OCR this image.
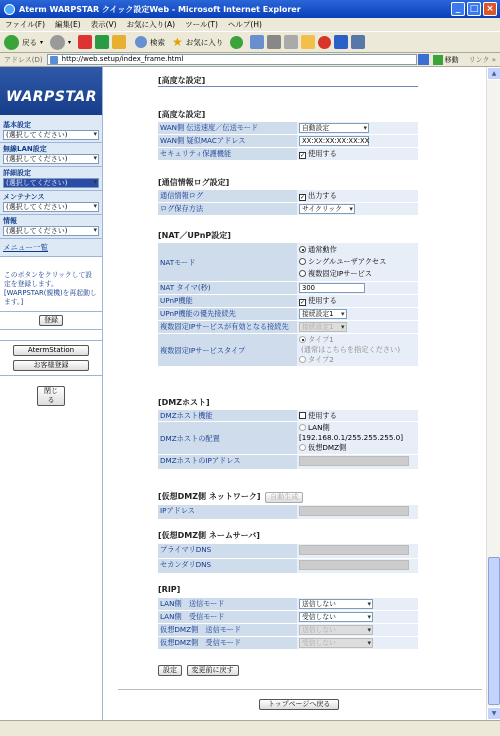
Aterm WARPSTAR クイック設定Web - Microsoft Internet Explorer	_	□ ×
ファイル(F) 編集(E) 表示(V) お気に入り(A) ツール(T) ヘルプ(H)
戻る ▾	▾	検索 ★ お気に入り
アドレス(D)	http://web.setup/index_frame.html	移動 リンク »
WARPSTAR
基本設定
(選択してください) ▾
無線LAN設定
(選択してください) ▾
詳細設定
(選択してください) ▾
メンテナンス
(選択してください) ▾
情報
(選択してください) ▾
メニュー一覧
このボタンをクリックして設定を登録します。[WARPSTAR(親機)を再起動します。]
登録
AtermStation
お客様登録
閉じる
[高度な設定]
[高度な設定]
WAN側 伝送速度／伝送モード	自動設定 ▾
WAN側 疑似MACアドレス	XX:XX:XX:XX:XX:XX
セキュリティ保護機能	✓ 使用する
[通信情報ログ設定]
通信情報ログ	✓ 出力する
ログ保存方法	サイクリック ▾
[NAT／UPnP設定]
NATモード
通常動作
シングルユーザアクセス
複数固定IPサービス
NAT タイマ(秒)	300
UPnP機能	✓ 使用する
UPnP機能の優先接続先	接続設定1 ▾
複数固定IPサービスが有効となる接続先	接続設定1 ▾
複数固定IPサービスタイプ
タイプ1
(通常はこちらを指定ください)
タイプ2
[DMZホスト]
DMZホスト機能	使用する
DMZホストの配置
LAN側
[192.168.0.1/255.255.255.0]
仮想DMZ側
DMZホストのIPアドレス
[仮想DMZ側 ネットワーク] 自動生成
IPアドレス
[仮想DMZ側 ネームサーバ]
プライマリDNS
セカンダリDNS
[RIP]
LAN側　送信モード	送信しない ▾
LAN側　受信モード	受信しない ▾
仮想DMZ側　送信モード	送信しない ▾
仮想DMZ側　受信モード	受信しない ▾
設定 変更前に戻す
トップページへ戻る
▲
▼
